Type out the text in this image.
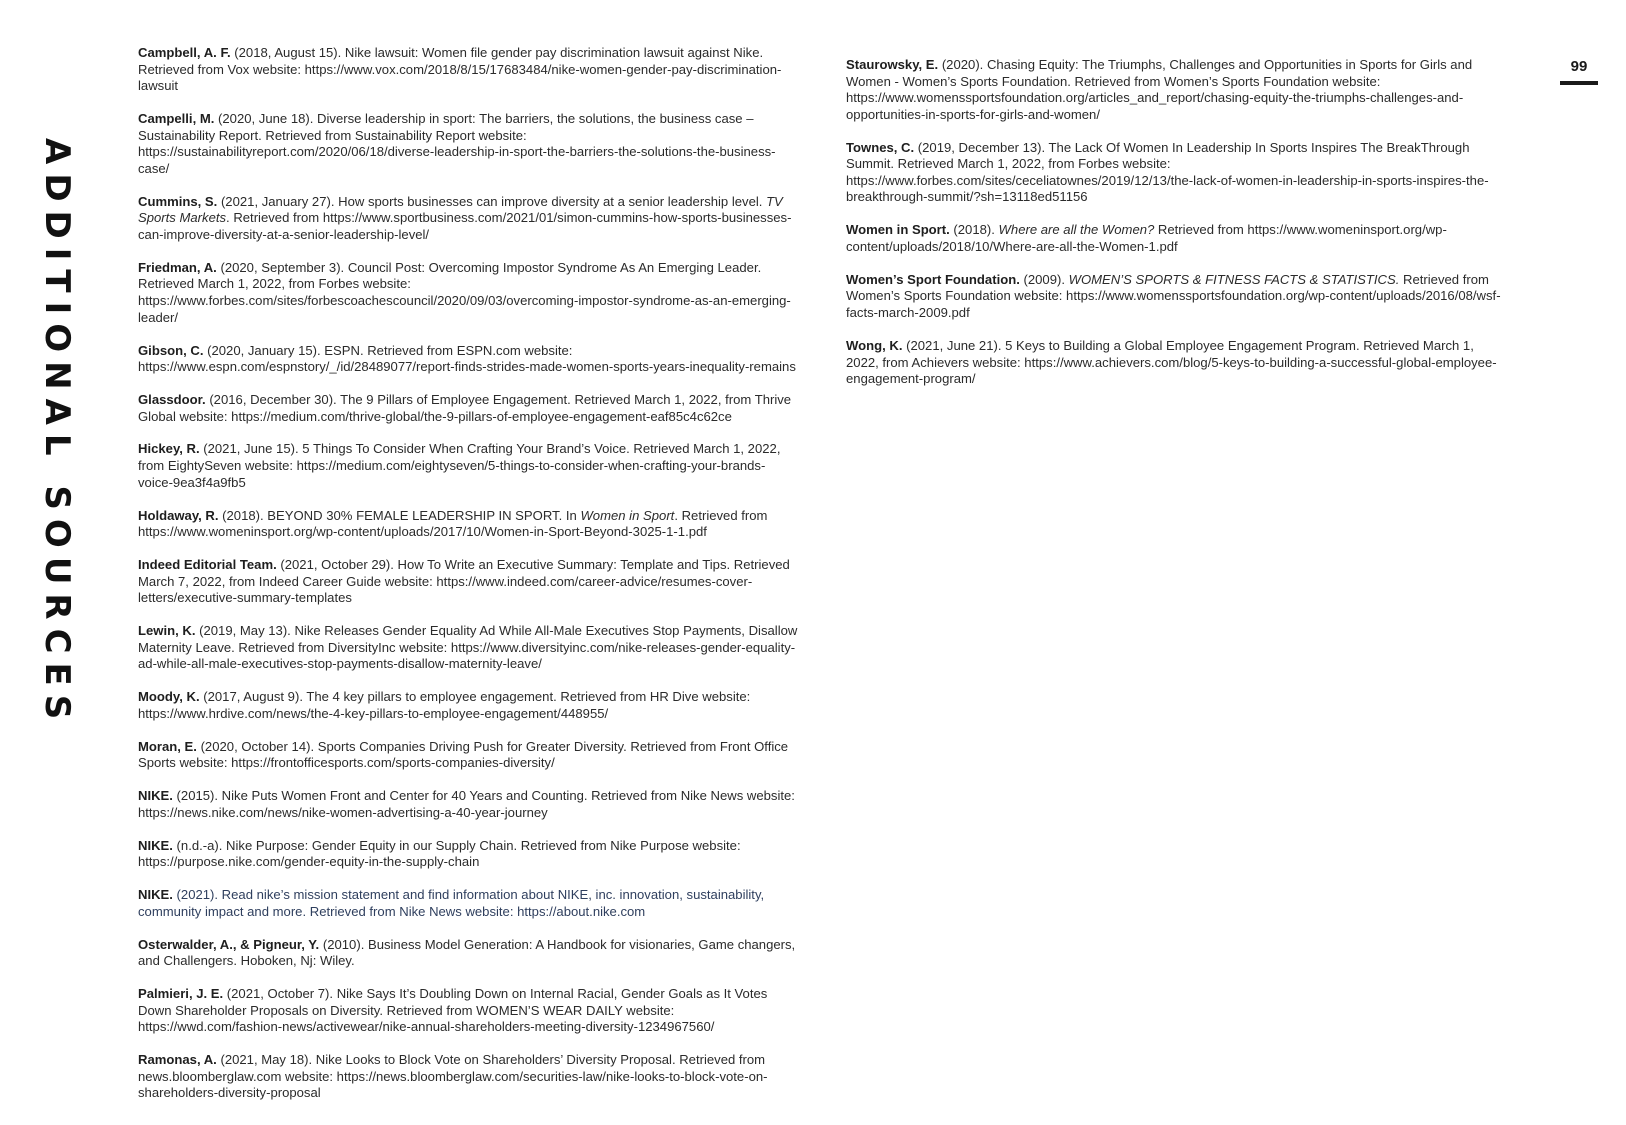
ADDITIONAL SOURCES
99

Campbell, A. F. (2018, August 15). Nike lawsuit: Women file gender pay discrimination lawsuit against Nike. Retrieved from Vox website: https://www.vox.com/2018/8/15/17683484/nike-women-gender-pay-discrimination-lawsuit

Campelli, M. (2020, June 18). Diverse leadership in sport: The barriers, the solutions, the business case – Sustainability Report. Retrieved from Sustainability Report website: https://sustainabilityreport.com/2020/06/18/diverse-leadership-in-sport-the-barriers-the-solutions-the-business-case/

Cummins, S. (2021, January 27). How sports businesses can improve diversity at a senior leadership level. TV Sports Markets. Retrieved from https://www.sportbusiness.com/2021/01/simon-cummins-how-sports-businesses-can-improve-diversity-at-a-senior-leadership-level/

Friedman, A. (2020, September 3). Council Post: Overcoming Impostor Syndrome As An Emerging Leader. Retrieved March 1, 2022, from Forbes website: https://www.forbes.com/sites/forbescoachescouncil/2020/09/03/overcoming-impostor-syndrome-as-an-emerging-leader/

Gibson, C. (2020, January 15). ESPN. Retrieved from ESPN.com website: https://www.espn.com/espnstory/_/id/28489077/report-finds-strides-made-women-sports-years-inequality-remains

Glassdoor. (2016, December 30). The 9 Pillars of Employee Engagement. Retrieved March 1, 2022, from Thrive Global website: https://medium.com/thrive-global/the-9-pillars-of-employee-engagement-eaf85c4c62ce

Hickey, R. (2021, June 15). 5 Things To Consider When Crafting Your Brand’s Voice. Retrieved March 1, 2022, from EightySeven website: https://medium.com/eightyseven/5-things-to-consider-when-crafting-your-brands-voice-9ea3f4a9fb5

Holdaway, R. (2018). BEYOND 30% FEMALE LEADERSHIP IN SPORT. In Women in Sport. Retrieved from https://www.womeninsport.org/wp-content/uploads/2017/10/Women-in-Sport-Beyond-3025-1-1.pdf

Indeed Editorial Team. (2021, October 29). How To Write an Executive Summary: Template and Tips. Retrieved March 7, 2022, from Indeed Career Guide website: https://www.indeed.com/career-advice/resumes-cover-letters/executive-summary-templates

Lewin, K. (2019, May 13). Nike Releases Gender Equality Ad While All-Male Executives Stop Payments, Disallow Maternity Leave. Retrieved from DiversityInc website: https://www.diversityinc.com/nike-releases-gender-equality-ad-while-all-male-executives-stop-payments-disallow-maternity-leave/

Moody, K. (2017, August 9). The 4 key pillars to employee engagement. Retrieved from HR Dive website: https://www.hrdive.com/news/the-4-key-pillars-to-employee-engagement/448955/

Moran, E. (2020, October 14). Sports Companies Driving Push for Greater Diversity. Retrieved from Front Office Sports website: https://frontofficesports.com/sports-companies-diversity/

NIKE. (2015). Nike Puts Women Front and Center for 40 Years and Counting. Retrieved from Nike News website: https://news.nike.com/news/nike-women-advertising-a-40-year-journey

NIKE. (n.d.-a). Nike Purpose: Gender Equity in our Supply Chain. Retrieved from Nike Purpose website: https://purpose.nike.com/gender-equity-in-the-supply-chain

NIKE. (2021). Read nike’s mission statement and find information about NIKE, inc. innovation, sustainability, community impact and more. Retrieved from Nike News website: https://about.nike.com

Osterwalder, A., & Pigneur, Y. (2010). Business Model Generation: A Handbook for visionaries, Game changers, and Challengers. Hoboken, Nj: Wiley.

Palmieri, J. E. (2021, October 7). Nike Says It’s Doubling Down on Internal Racial, Gender Goals as It Votes Down Shareholder Proposals on Diversity. Retrieved from WOMEN’S WEAR DAILY website: https://wwd.com/fashion-news/activewear/nike-annual-shareholders-meeting-diversity-1234967560/

Ramonas, A. (2021, May 18). Nike Looks to Block Vote on Shareholders’ Diversity Proposal. Retrieved from news.bloomberglaw.com website: https://news.bloomberglaw.com/securities-law/nike-looks-to-block-vote-on-shareholders-diversity-proposal

Staurowsky, E. (2020). Chasing Equity: The Triumphs, Challenges and Opportunities in Sports for Girls and Women - Women’s Sports Foundation. Retrieved from Women’s Sports Foundation website: https://www.womenssportsfoundation.org/articles_and_report/chasing-equity-the-triumphs-challenges-and-opportunities-in-sports-for-girls-and-women/

Townes, C. (2019, December 13). The Lack Of Women In Leadership In Sports Inspires The BreakThrough Summit. Retrieved March 1, 2022, from Forbes website: https://www.forbes.com/sites/ceceliatownes/2019/12/13/the-lack-of-women-in-leadership-in-sports-inspires-the-breakthrough-summit/?sh=13118ed51156

Women in Sport. (2018). Where are all the Women? Retrieved from https://www.womeninsport.org/wp-content/uploads/2018/10/Where-are-all-the-Women-1.pdf

Women’s Sport Foundation. (2009). WOMEN’S SPORTS & FITNESS FACTS & STATISTICS. Retrieved from Women’s Sports Foundation website: https://www.womenssportsfoundation.org/wp-content/uploads/2016/08/wsf-facts-march-2009.pdf

Wong, K. (2021, June 21). 5 Keys to Building a Global Employee Engagement Program. Retrieved March 1, 2022, from Achievers website: https://www.achievers.com/blog/5-keys-to-building-a-successful-global-employee-engagement-program/
